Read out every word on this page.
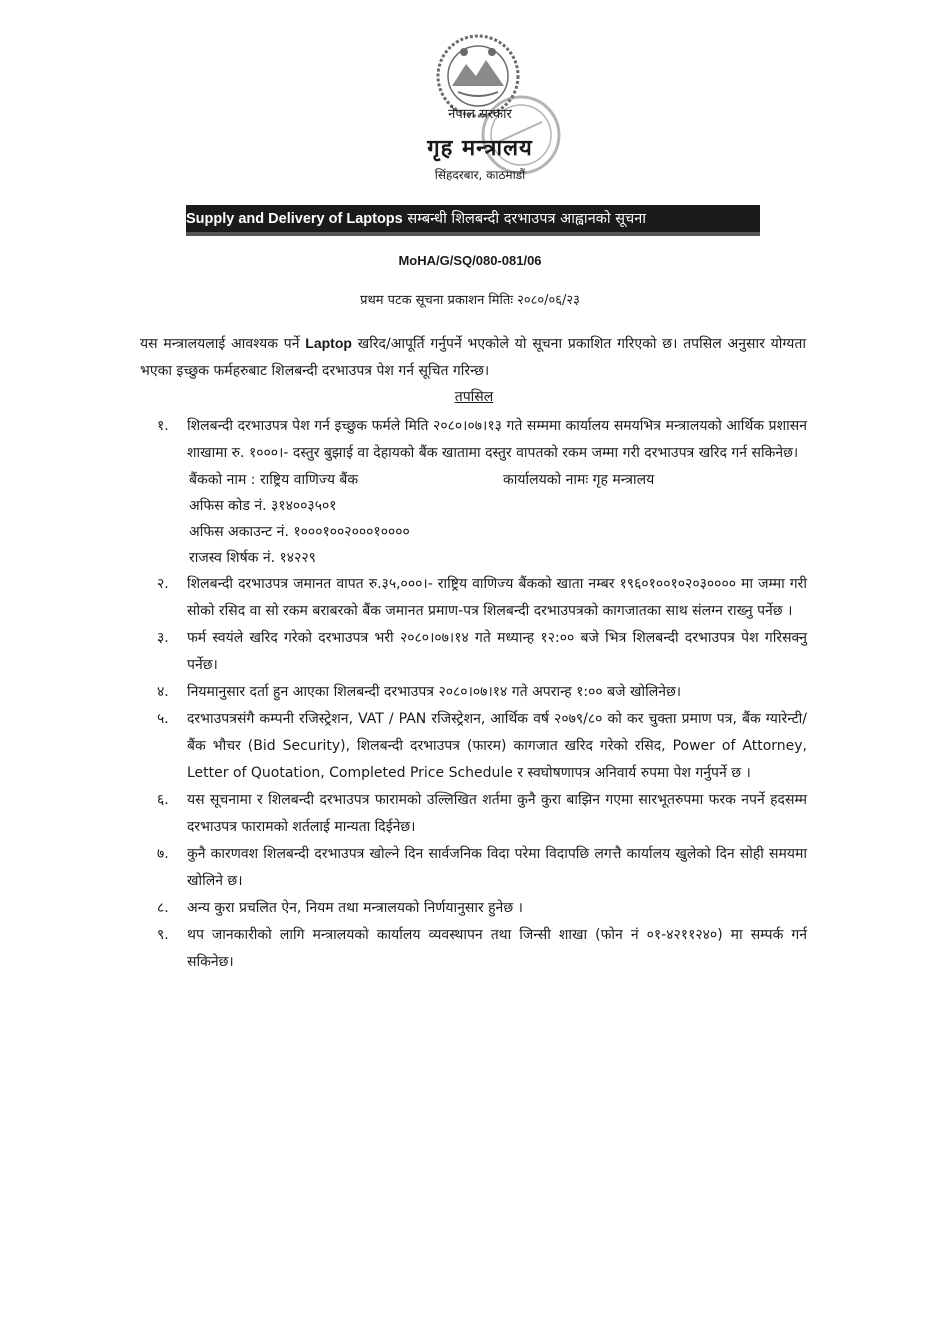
नेपाल सरकार
गृह मन्त्रालय
सिंहदरबार, काठमाडौं
Supply and Delivery of Laptops सम्बन्धी शिलबन्दी दरभाउपत्र आह्वानको सूचना
MoHA/G/SQ/080-081/06
प्रथम पटक सूचना प्रकाशन मितिः २०८०/०६/२३
यस मन्त्रालयलाई आवश्यक पर्ने Laptop खरिद/आपूर्ति गर्नुपर्ने भएकोले यो सूचना प्रकाशित गरिएको छ। तपसिल अनुसार योग्यता भएका इच्छुक फर्महरुबाट शिलबन्दी दरभाउपत्र पेश गर्न सूचित गरिन्छ।
तपसिल
१.	शिलबन्दी दरभाउपत्र पेश गर्न इच्छुक फर्मले मिति २०८०।०७।१३ गते सम्ममा कार्यालय समयभित्र मन्त्रालयको आर्थिक प्रशासन शाखामा रु. १०००।- दस्तुर बुझाई वा देहायको बैंक खातामा दस्तुर वापतको रकम जम्मा गरी दरभाउपत्र खरिद गर्न सकिनेछ।
बैंकको नाम : राष्ट्रिय वाणिज्य बैंक	कार्यालयको नामः गृह मन्त्रालय
अफिस कोड नं. ३१४००३५०१
अफिस अकाउन्ट नं. १०००१००२०००१००००
राजस्व शिर्षक नं. १४२२९
२.	शिलबन्दी दरभाउपत्र जमानत वापत रु.३५,०००।- राष्ट्रिय वाणिज्य बैंकको खाता नम्बर १९६०१००१०२०३०००० मा जम्मा गरी सोको रसिद वा सो रकम बराबरको बैंक जमानत प्रमाण-पत्र शिलबन्दी दरभाउपत्रको कागजातका साथ संलग्न राख्नु पर्नेछ ।
३.	फर्म स्वयंले खरिद गरेको दरभाउपत्र भरी २०८०।०७।१४ गते मध्यान्ह १२:०० बजे भित्र शिलबन्दी दरभाउपत्र पेश गरिसक्नु पर्नेछ।
४.	नियमानुसार दर्ता हुन आएका शिलबन्दी दरभाउपत्र २०८०।०७।१४ गते अपरान्ह १:०० बजे खोलिनेछ।
५.	दरभाउपत्रसंगै कम्पनी रजिस्ट्रेशन, VAT / PAN रजिस्ट्रेशन, आर्थिक वर्ष २०७९/८० को कर चुक्ता प्रमाण पत्र, बैंक ग्यारेन्टी/बैंक भौचर (Bid Security), शिलबन्दी दरभाउपत्र (फारम) कागजात खरिद गरेको रसिद, Power of Attorney, Letter of Quotation, Completed Price Schedule र स्वघोषणापत्र अनिवार्य रुपमा पेश गर्नुपर्ने छ ।
६.	यस सूचनामा र शिलबन्दी दरभाउपत्र फारामको उल्लिखित शर्तमा कुनै कुरा बाझिन गएमा सारभूतरुपमा फरक नपर्ने हदसम्म दरभाउपत्र फारामको शर्तलाई मान्यता दिईनेछ।
७.	कुनै कारणवश शिलबन्दी दरभाउपत्र खोल्ने दिन सार्वजनिक विदा परेमा विदापछि लगत्तै कार्यालय खुलेको दिन सोही समयमा खोलिने छ।
८.	अन्य कुरा प्रचलित ऐन, नियम तथा मन्त्रालयको निर्णयानुसार हुनेछ ।
९.	थप जानकारीको लागि मन्त्रालयको कार्यालय व्यवस्थापन तथा जिन्सी शाखा (फोन नं ०१-४२११२४०) मा सम्पर्क गर्न सकिनेछ।
